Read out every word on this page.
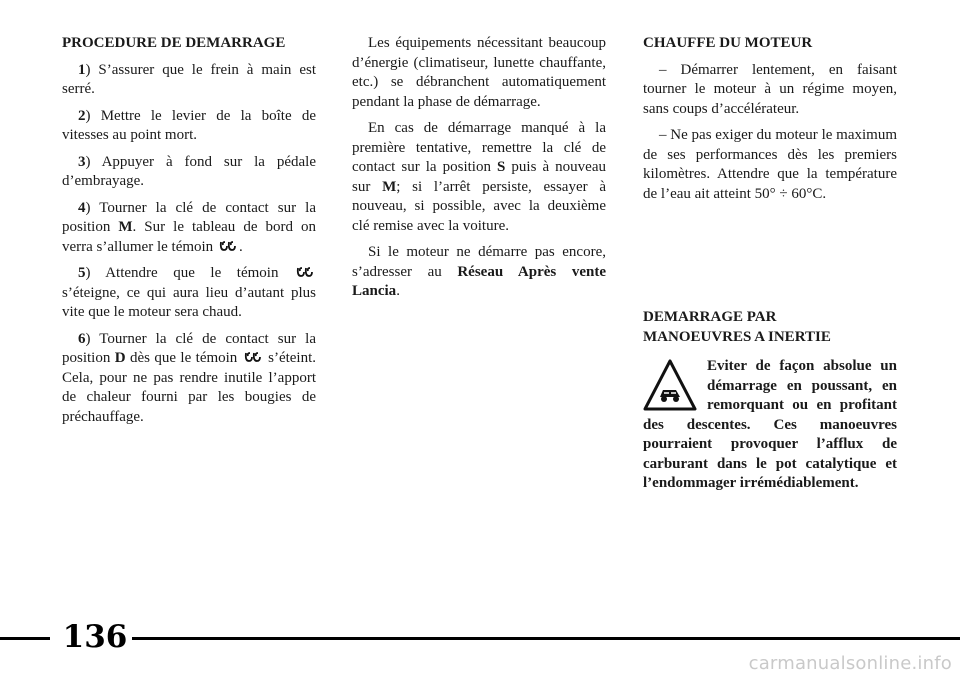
PROCEDURE DE DEMARRAGE

1) S’assurer que le frein à main est serré.

2) Mettre le levier de la boîte de vitesses au point mort.

3) Appuyer à fond sur la pédale d’embrayage.

4) Tourner la clé de contact sur la position M. Sur le tableau de bord on verra s’allumer le témoin .

5) Attendre que le témoin  s’éteigne, ce qui aura lieu d’autant plus vite que le moteur sera chaud.

6) Tourner la clé de contact sur la position D dès que le témoin  s’éteint. Cela, pour ne pas rendre inutile l’apport de chaleur fourni par les bougies de préchauffage.

Les équipements nécessitant beaucoup d’énergie (climatiseur, lunette chauffante, etc.) se débranchent automatiquement pendant la phase de démarrage.

En cas de démarrage manqué à la première tentative, remettre la clé de contact sur la position S puis à nouveau sur M; si l’arrêt persiste, essayer à nouveau, si possible, avec la deuxième clé remise avec la voiture.

Si le moteur ne démarre pas encore, s’adresser au Réseau Après vente Lancia.

CHAUFFE DU MOTEUR

– Démarrer lentement, en faisant tourner le moteur à un régime moyen, sans coups d’accélérateur.

– Ne pas exiger du moteur le maximum de ses performances dès les premiers kilomètres. Attendre que la température de l’eau ait atteint 50° ÷ 60°C.

DEMARRAGE PAR
MANOEUVRES A INERTIE

Eviter de façon absolue un démarrage en poussant, en remorquant ou en profitant des descentes. Ces manoeuvres pourraient provoquer l’afflux de carburant dans le pot catalytique et l’endommager irrémédiablement.

136
carmanualsonline.info
